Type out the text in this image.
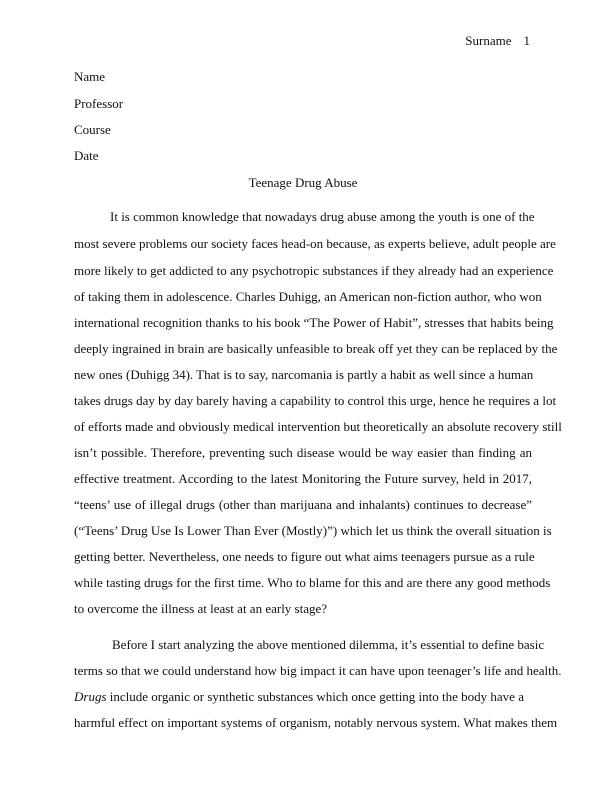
Surname 1
Name
Professor
Course
Date
Teenage Drug Abuse
It is common knowledge that nowadays drug abuse among the youth is one of the
most severe problems our society faces head-on because, as experts believe, adult people are
more likely to get addicted to any psychotropic substances if they already had an experience
of taking them in adolescence. Charles Duhigg, an American non-fiction author, who won
international recognition thanks to his book “The Power of Habit”, stresses that habits being
deeply ingrained in brain are basically unfeasible to break off yet they can be replaced by the
new ones (Duhigg 34). That is to say, narcomania is partly a habit as well since a human
takes drugs day by day barely having a capability to control this urge, hence he requires a lot
of efforts made and obviously medical intervention but theoretically an absolute recovery still
isn’t possible. Therefore, preventing such disease would be way easier than finding an
effective treatment. According to the latest Monitoring the Future survey, held in 2017,
“teens’ use of illegal drugs (other than marijuana and inhalants) continues to decrease”
(“Teens’ Drug Use Is Lower Than Ever (Mostly)”) which let us think the overall situation is
getting better. Nevertheless, one needs to figure out what aims teenagers pursue as a rule
while tasting drugs for the first time. Who to blame for this and are there any good methods
to overcome the illness at least at an early stage?
Before I start analyzing the above mentioned dilemma, it’s essential to define basic
terms so that we could understand how big impact it can have upon teenager’s life and health.
Drugs include organic or synthetic substances which once getting into the body have a
harmful effect on important systems of organism, notably nervous system. What makes them
